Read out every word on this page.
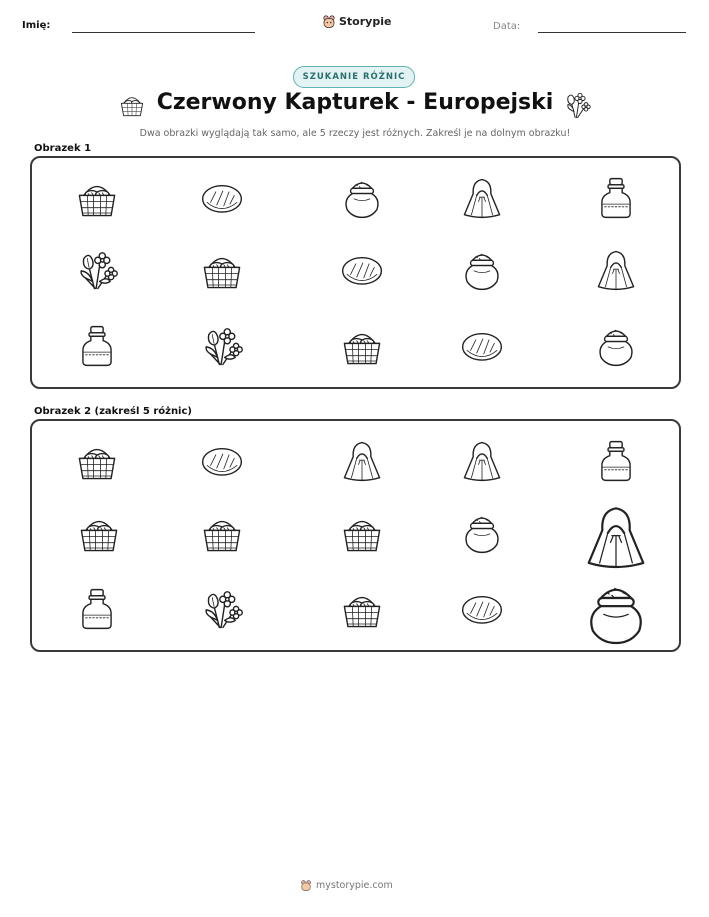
Imię:	Storypie	Data:
SZUKANIE RÓŻNIC
Czerwony Kapturek - Europejski
Dwa obrazki wyglądają tak samo, ale 5 rzeczy jest różnych. Zakreśl je na dolnym obrazku!
Obrazek 1
Obrazek 2 (zakreśl 5 różnic)
mystorypie.com
